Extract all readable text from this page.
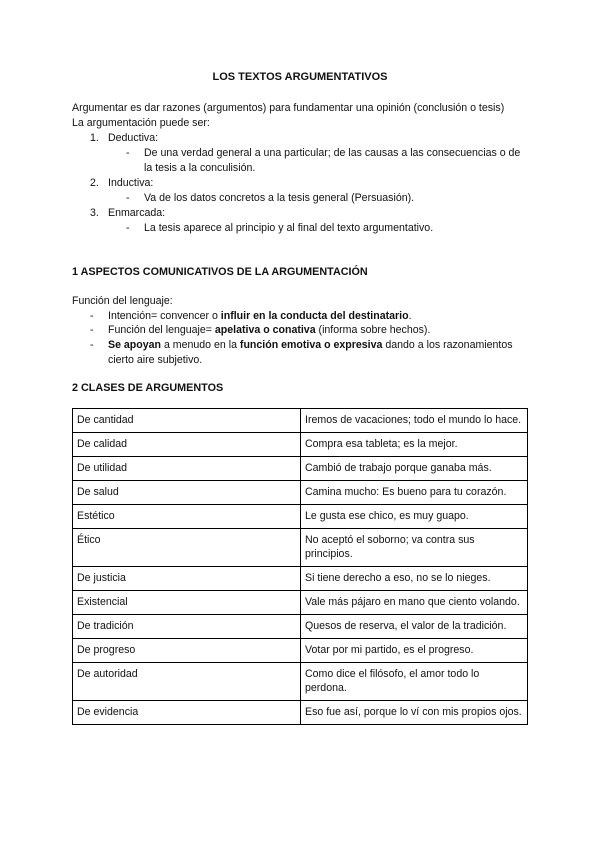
LOS TEXTOS ARGUMENTATIVOS
Argumentar es dar razones (argumentos) para fundamentar una opinión (conclusión o tesis)
La argumentación puede ser:
1. Deductiva:
- De una verdad general a una particular; de las causas a las consecuencias o de la tesis a la conculisión.
2. Inductiva:
- Va de los datos concretos a la tesis general (Persuasión).
3. Enmarcada:
- La tesis aparece al principio y al final del texto argumentativo.
1 ASPECTOS COMUNICATIVOS DE LA ARGUMENTACIÓN
Función del lenguaje:
- Intención= convencer o influir en la conducta del destinatario.
- Función del lenguaje= apelativa o conativa (informa sobre hechos).
- Se apoyan a menudo en la función emotiva o expresiva dando a los razonamientos cierto aire subjetivo.
2 CLASES DE ARGUMENTOS
De cantidad	Iremos de vacaciones; todo el mundo lo hace.
De calidad	Compra esa tableta; es la mejor.
De utilidad	Cambió de trabajo porque ganaba más.
De salud	Camina mucho: Es bueno para tu corazón.
Estético	Le gusta ese chico, es muy guapo.
Ético	No aceptó el soborno; va contra sus principios.
De justicia	Si tiene derecho a eso, no se lo nieges.
Existencial	Vale más pájaro en mano que ciento volando.
De tradición	Quesos de reserva, el valor de la tradición.
De progreso	Votar por mi partido, es el progreso.
De autoridad	Como dice el filósofo, el amor todo lo perdona.
De evidencia	Eso fue así, porque lo ví con mis propios ojos.
